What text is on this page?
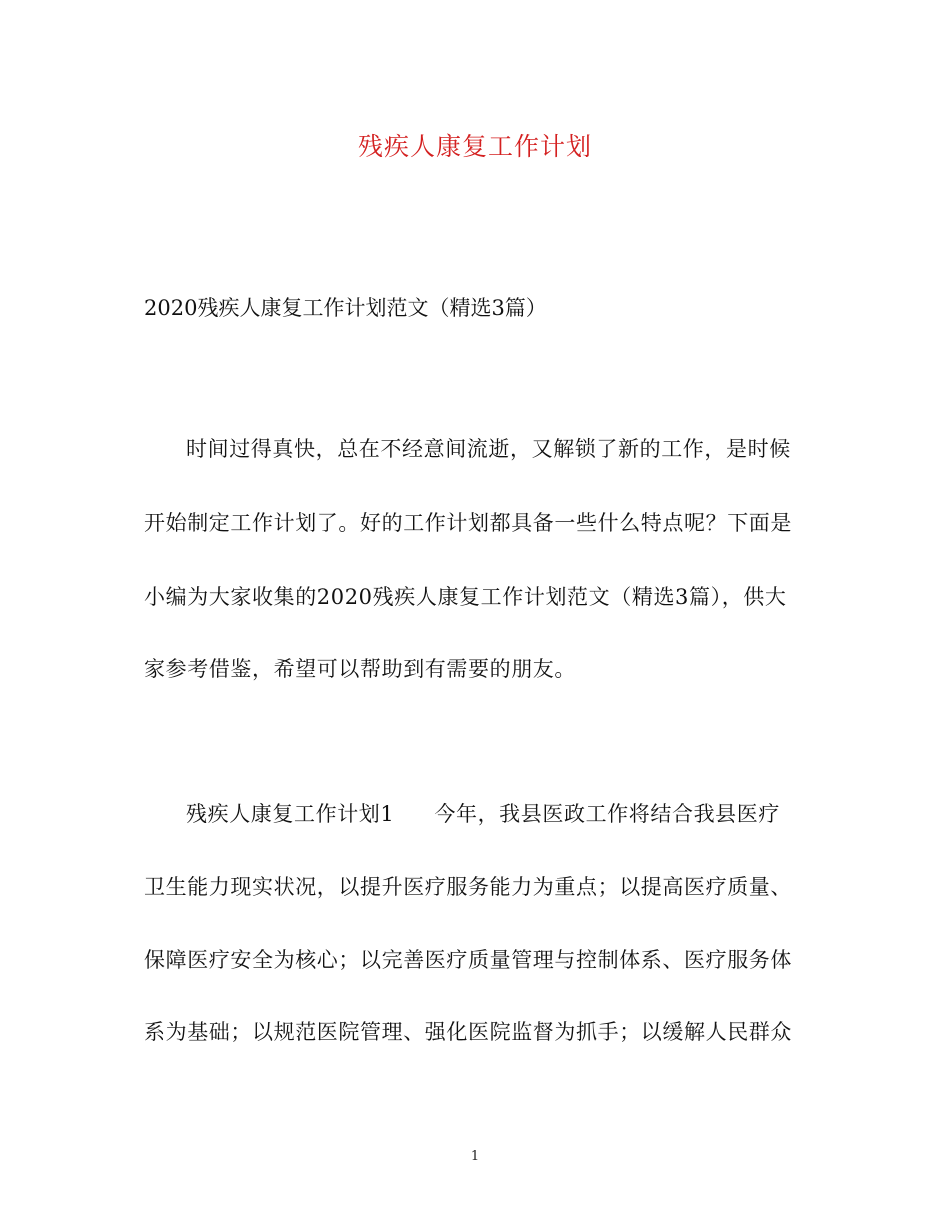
残疾人康复工作计划
2020残疾人康复工作计划范文（精选3篇）
时间过得真快，总在不经意间流逝，又解锁了新的工作，是时候
开始制定工作计划了。好的工作计划都具备一些什么特点呢？下面是
小编为大家收集的2020残疾人康复工作计划范文（精选3篇），供大
家参考借鉴，希望可以帮助到有需要的朋友。
残疾人康复工作计划1 今年，我县医政工作将结合我县医疗
卫生能力现实状况，以提升医疗服务能力为重点；以提高医疗质量、
保障医疗安全为核心；以完善医疗质量管理与控制体系、医疗服务体
系为基础；以规范医院管理、强化医院监督为抓手；以缓解人民群众
1
